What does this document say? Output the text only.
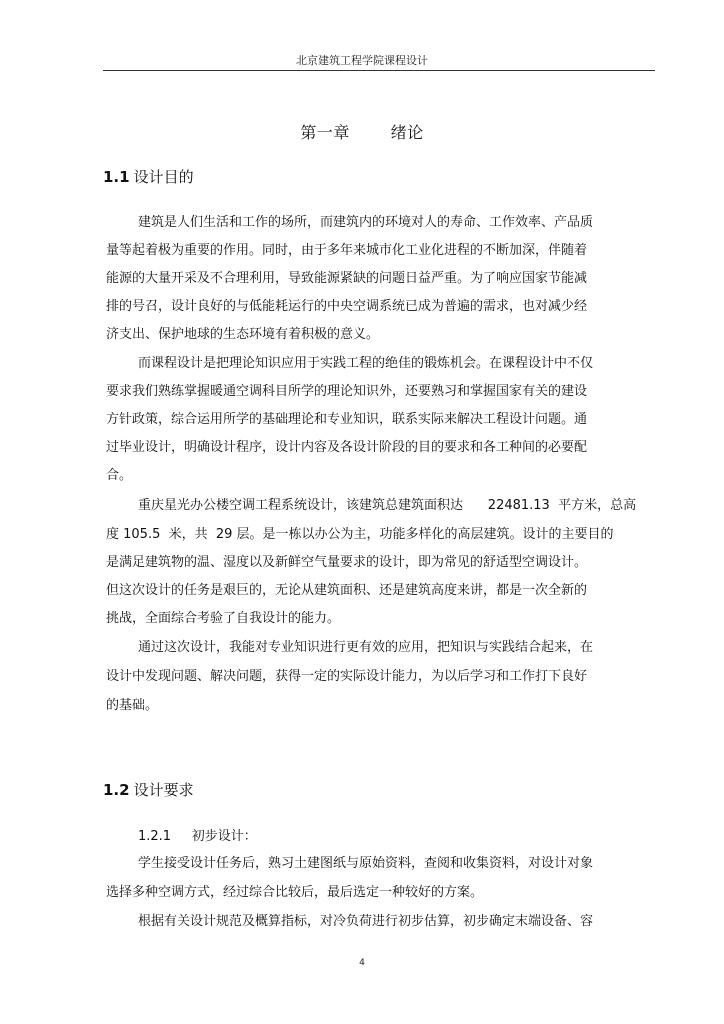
北京建筑工程学院课程设计
第一章   绪论
1.1 设计目的
建筑是人们生活和工作的场所，而建筑内的环境对人的寿命、工作效率、产品质
量等起着极为重要的作用。同时，由于多年来城市化工业化进程的不断加深，伴随着
能源的大量开采及不合理利用，导致能源紧缺的问题日益严重。为了响应国家节能减
排的号召，设计良好的与低能耗运行的中央空调系统已成为普遍的需求，也对减少经
济支出、保护地球的生态环境有着积极的意义。
而课程设计是把理论知识应用于实践工程的绝佳的锻炼机会。在课程设计中不仅
要求我们熟练掌握暖通空调科目所学的理论知识外，还要熟习和掌握国家有关的建设
方针政策，综合运用所学的基础理论和专业知识，联系实际来解决工程设计问题。通
过毕业设计，明确设计程序，设计内容及各设计阶段的目的要求和各工种间的必要配
合。
重庆星光办公楼空调工程系统设计，该建筑总建筑面积达      22481.13  平方米，总高
度 105.5  米，共  29 层。是一栋以办公为主，功能多样化的高层建筑。设计的主要目的
是满足建筑物的温、湿度以及新鲜空气量要求的设计，即为常见的舒适型空调设计。
但这次设计的任务是艰巨的，无论从建筑面积、还是建筑高度来讲，都是一次全新的
挑战，全面综合考验了自我设计的能力。
通过这次设计，我能对专业知识进行更有效的应用，把知识与实践结合起来，在
设计中发现问题、解决问题，获得一定的实际设计能力，为以后学习和工作打下良好
的基础。
1.2 设计要求
1.2.1     初步设计：
学生接受设计任务后，熟习土建图纸与原始资料，查阅和收集资料，对设计对象
选择多种空调方式，经过综合比较后，最后选定一种较好的方案。
根据有关设计规范及概算指标，对冷负荷进行初步估算，初步确定末端设备、容
4
